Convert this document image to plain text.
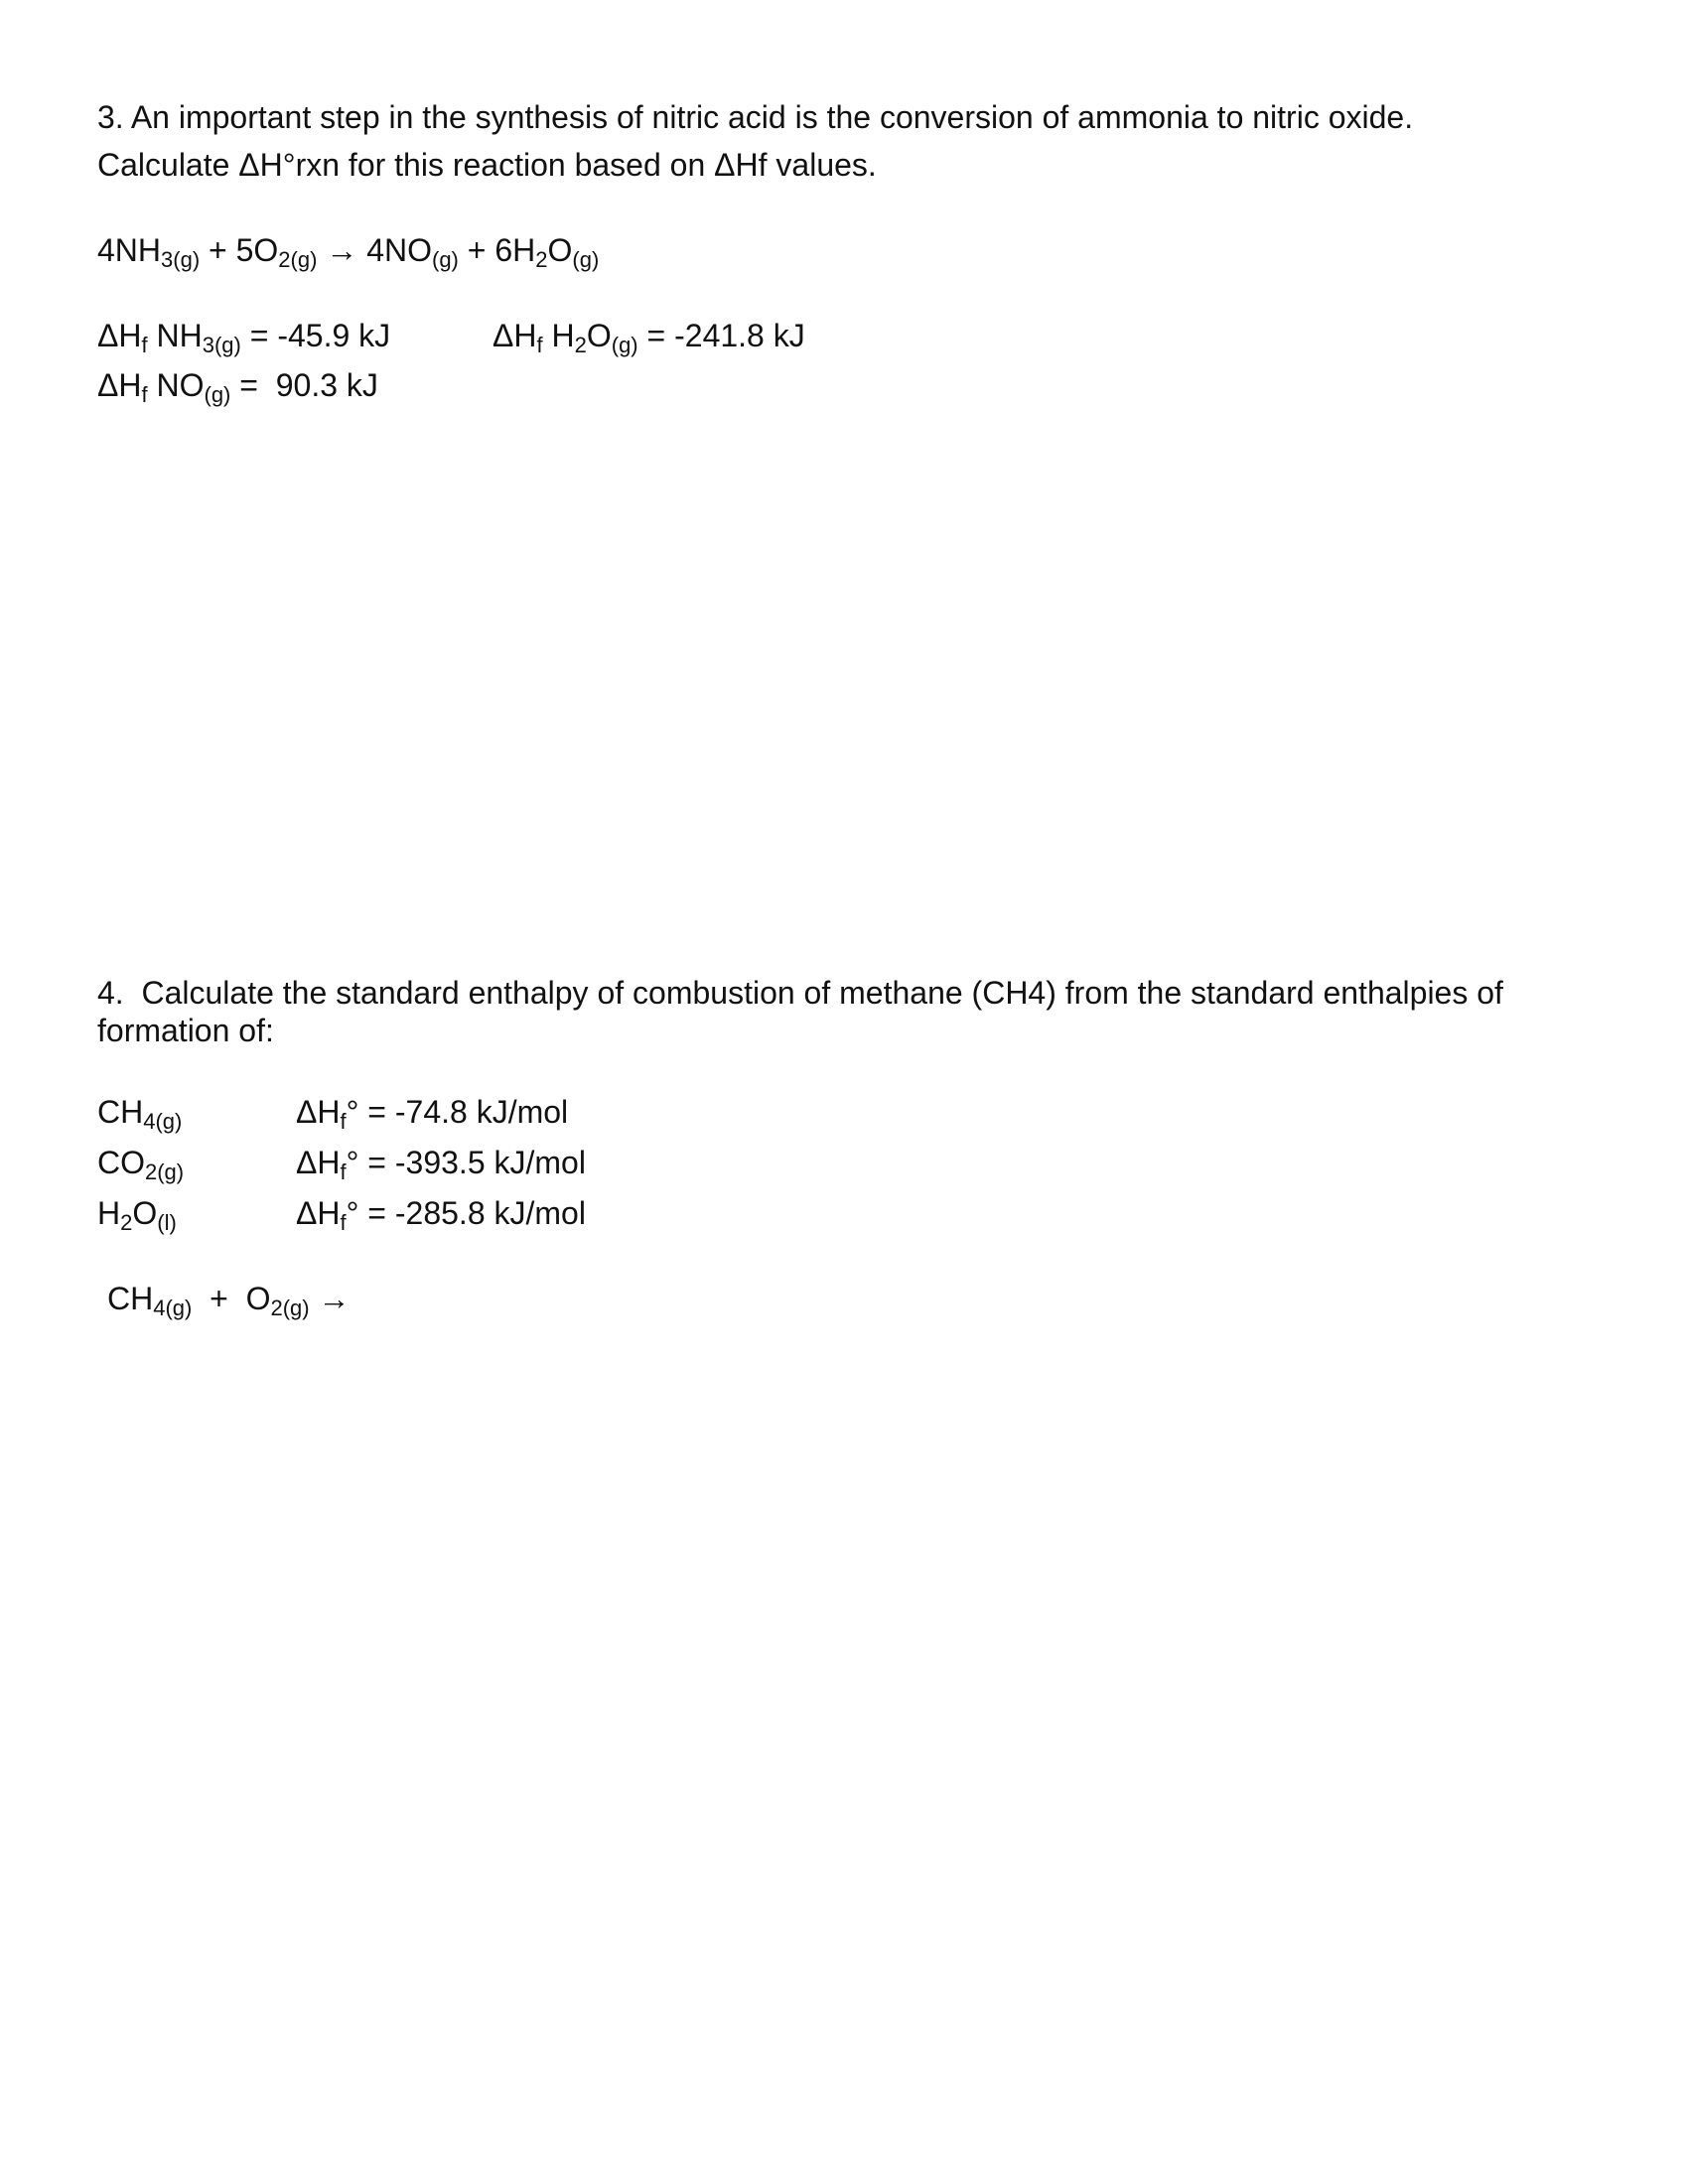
3. An important step in the synthesis of nitric acid is the conversion of ammonia to nitric oxide.
Calculate ΔH°rxn for this reaction based on ΔHf values.
$4NH_{3(g)} + 5O_{2(g)} \to 4NO_{(g)} + 6H_2O_{(g)}$
$\Delta H_f$ $NH_{3(g)} = -45.9$ kJ	$\Delta H_f$ $H_2O_{(g)} = -241.8$ kJ
$\Delta H_f$ $NO_{(g)} = 90.3$ kJ
4.  Calculate the standard enthalpy of combustion of methane (CH4) from the standard enthalpies of
formation of:
$CH_{4(g)}$	$\Delta H_f^\circ = -74.8$ kJ/mol
$CO_{2(g)}$	$\Delta H_f^\circ = -393.5$ kJ/mol
$H_2O_{(l)}$	$\Delta H_f^\circ = -285.8$ kJ/mol
$CH_{4(g)} + O_{2(g)}$ →
